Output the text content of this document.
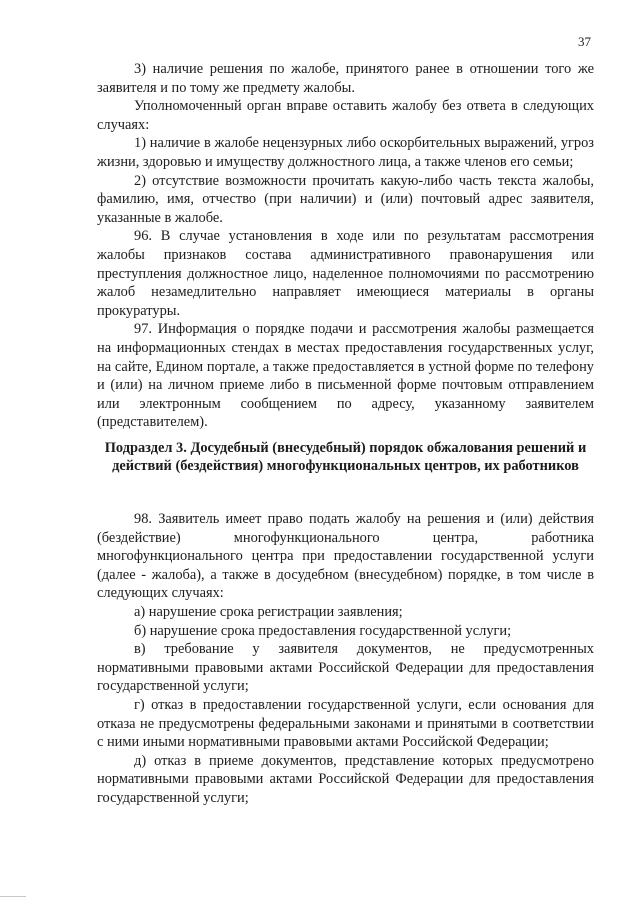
37

3) наличие решения по жалобе, принятого ранее в отношении того же заявителя и по тому же предмету жалобы.

Уполномоченный орган вправе оставить жалобу без ответа в следующих случаях:

1) наличие в жалобе нецензурных либо оскорбительных выражений, угроз жизни, здоровью и имуществу должностного лица, а также членов его семьи;

2) отсутствие возможности прочитать какую-либо часть текста жалобы, фамилию, имя, отчество (при наличии) и (или) почтовый адрес заявителя, указанные в жалобе.

96. В случае установления в ходе или по результатам рассмотрения жалобы признаков состава административного правонарушения или преступления должностное лицо, наделенное полномочиями по рассмотрению жалоб незамедлительно направляет имеющиеся материалы в органы прокуратуры.

97. Информация о порядке подачи и рассмотрения жалобы размещается на информационных стендах в местах предоставления государственных услуг, на сайте, Едином портале, а также предоставляется в устной форме по телефону и (или) на личном приеме либо в письменной форме почтовым отправлением или электронным сообщением по адресу, указанному заявителем (представителем).

Подраздел 3. Досудебный (внесудебный) порядок обжалования решений и действий (бездействия) многофункциональных центров, их работников

98. Заявитель имеет право подать жалобу на решения и (или) действия (бездействие) многофункционального центра, работника многофункционального центра при предоставлении государственной услуги (далее - жалоба), а также в досудебном (внесудебном) порядке, в том числе в следующих случаях:

а) нарушение срока регистрации заявления;

б) нарушение срока предоставления государственной услуги;

в) требование у заявителя документов, не предусмотренных нормативными правовыми актами Российской Федерации для предоставления государственной услуги;

г) отказ в предоставлении государственной услуги, если основания для отказа не предусмотрены федеральными законами и принятыми в соответствии с ними иными нормативными правовыми актами Российской Федерации;

д) отказ в приеме документов, представление которых предусмотрено нормативными правовыми актами Российской Федерации для предоставления государственной услуги;
